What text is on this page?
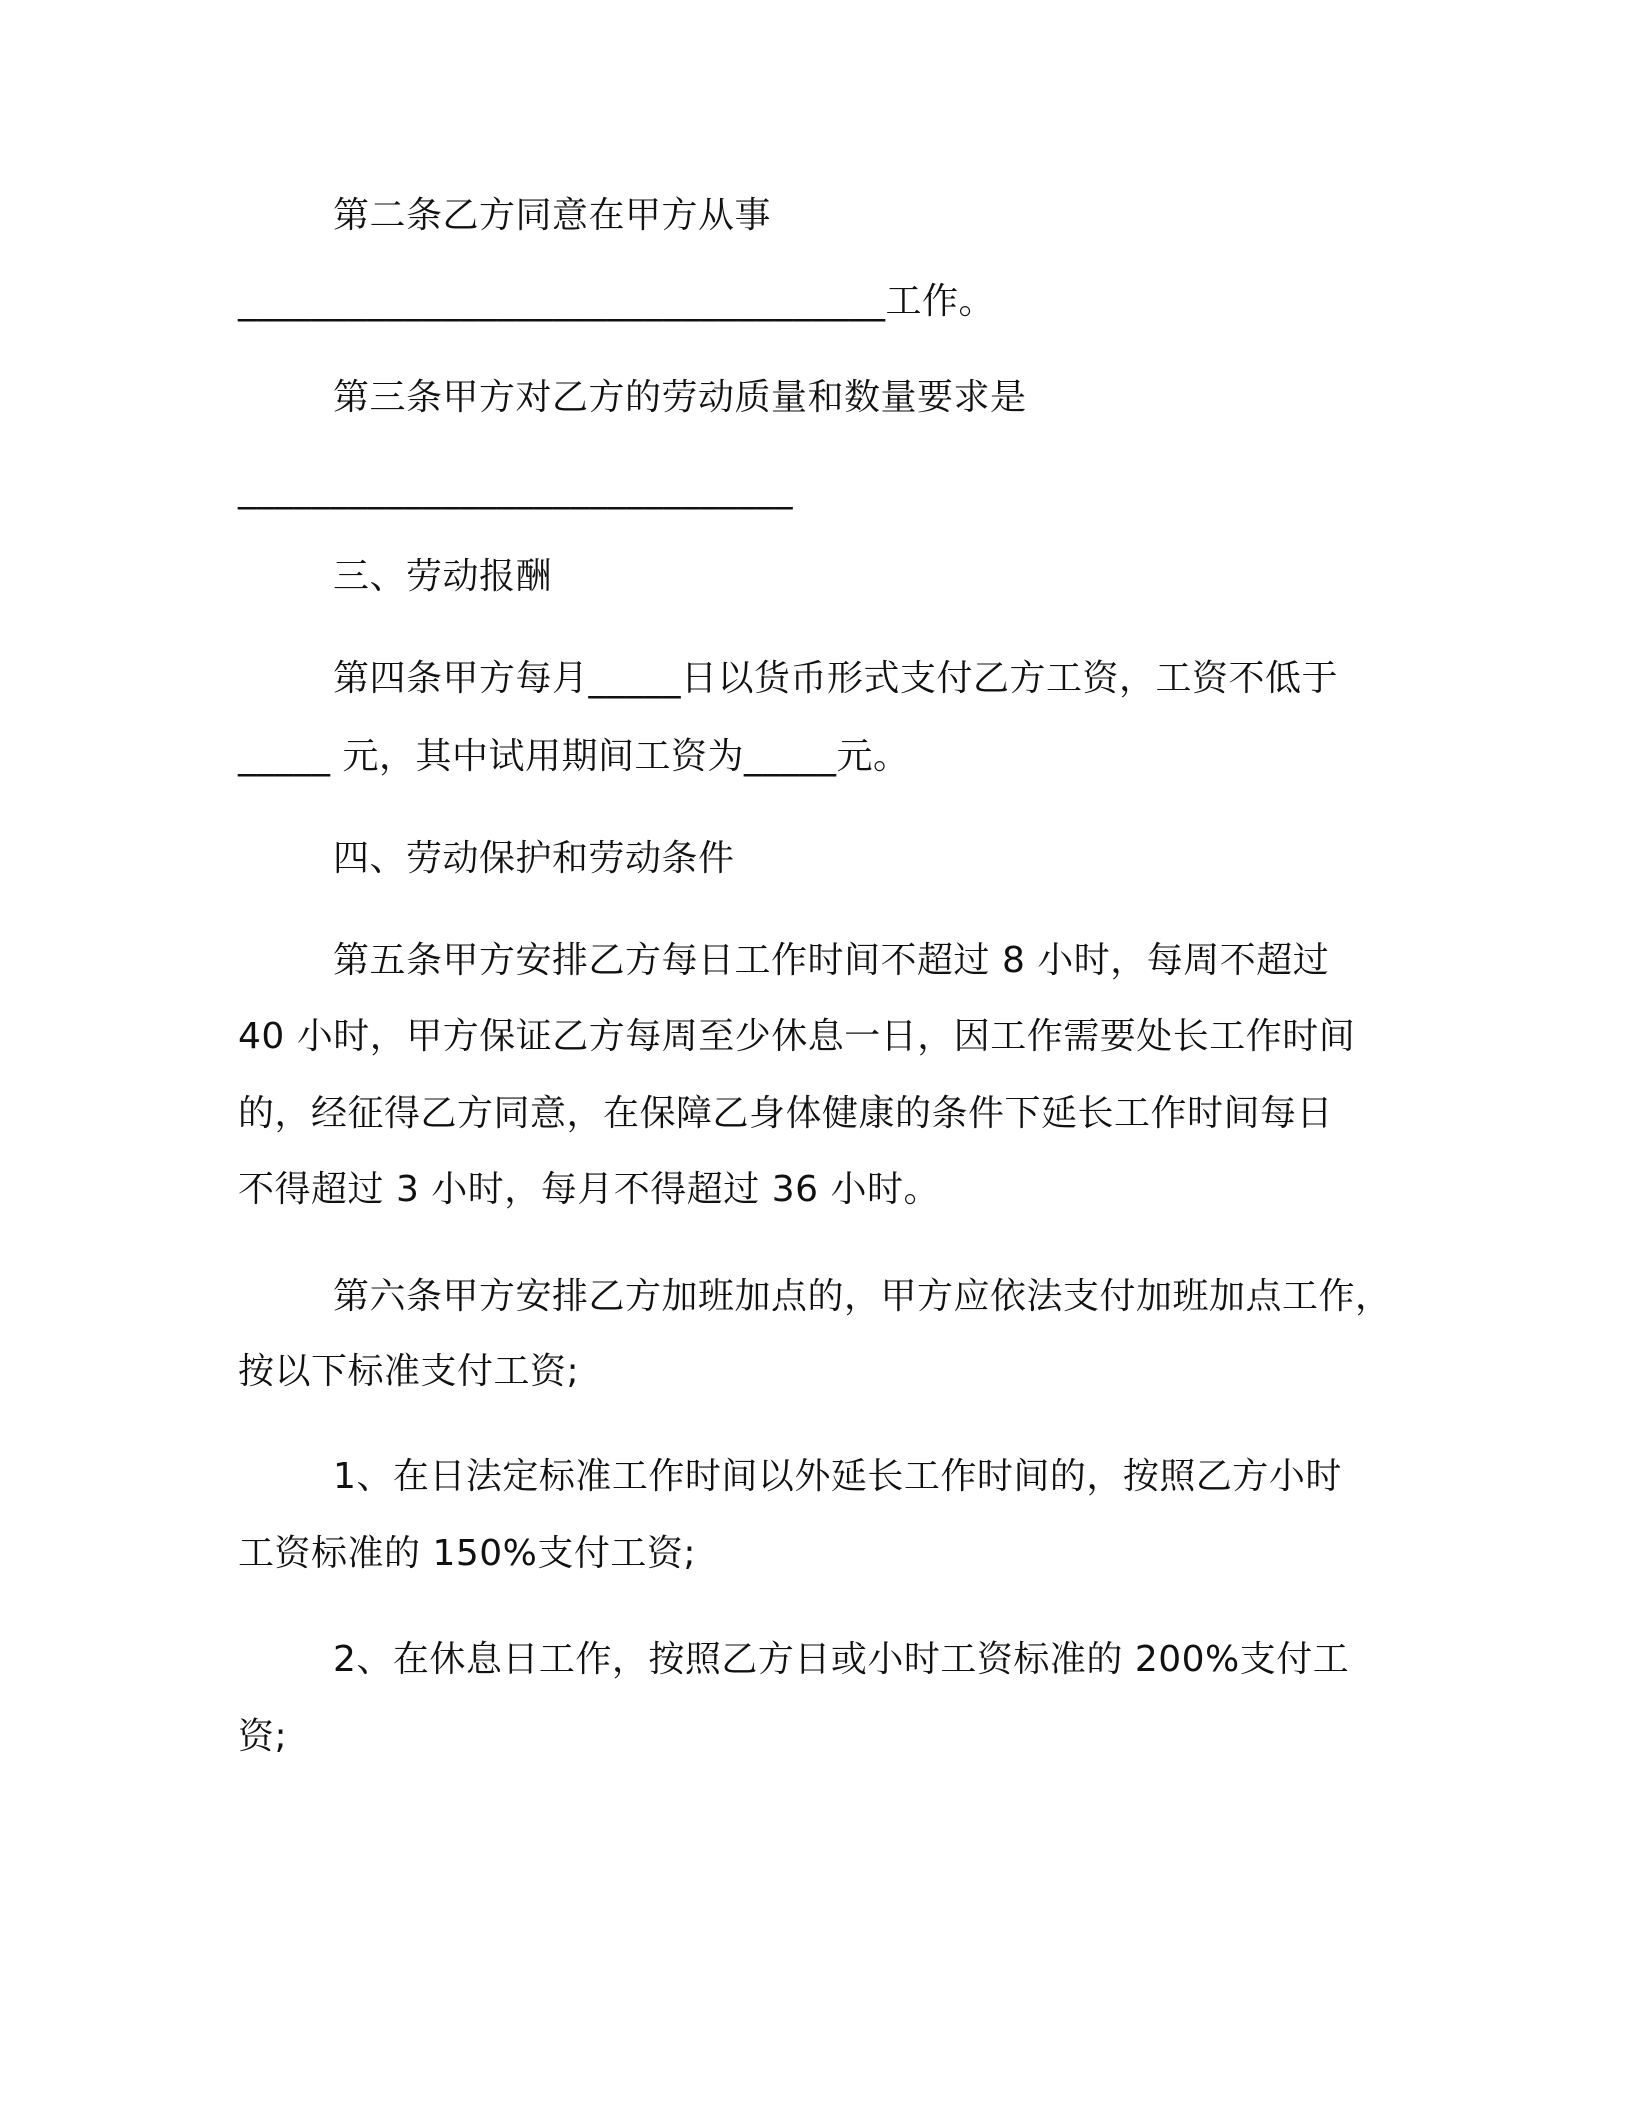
第二条乙方同意在甲方从事
___________________________________工作。
第三条甲方对乙方的劳动质量和数量要求是
______________________________
三、劳动报酬
第四条甲方每月_____日以货币形式支付乙方工资，工资不低于
_____ 元，其中试用期间工资为_____元。
四、劳动保护和劳动条件
第五条甲方安排乙方每日工作时间不超过 8 小时，每周不超过
40 小时，甲方保证乙方每周至少休息一日，因工作需要处长工作时间
的，经征得乙方同意，在保障乙身体健康的条件下延长工作时间每日
不得超过 3 小时，每月不得超过 36 小时。
第六条甲方安排乙方加班加点的，甲方应依法支付加班加点工作，
按以下标准支付工资;
1、在日法定标准工作时间以外延长工作时间的，按照乙方小时
工资标准的 150%支付工资;
2、在休息日工作，按照乙方日或小时工资标准的 200%支付工
资;
